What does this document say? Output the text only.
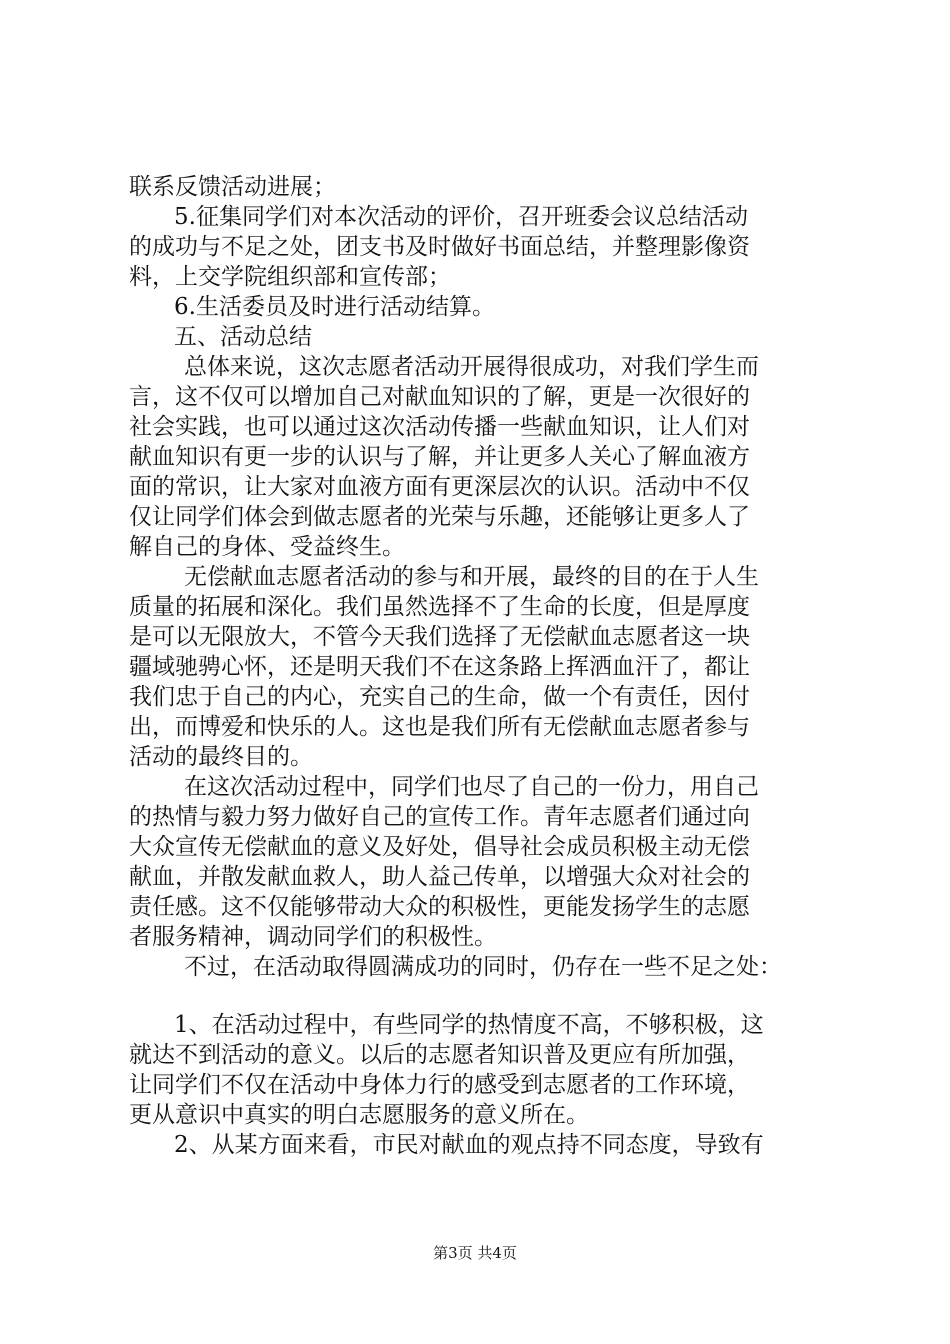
联系反馈活动进展；
5.征集同学们对本次活动的评价，召开班委会议总结活动
的成功与不足之处，团支书及时做好书面总结，并整理影像资
料，上交学院组织部和宣传部；
6.生活委员及时进行活动结算。
五、活动总结
总体来说，这次志愿者活动开展得很成功，对我们学生而
言，这不仅可以增加自己对献血知识的了解，更是一次很好的
社会实践，也可以通过这次活动传播一些献血知识，让人们对
献血知识有更一步的认识与了解，并让更多人关心了解血液方
面的常识，让大家对血液方面有更深层次的认识。活动中不仅
仅让同学们体会到做志愿者的光荣与乐趣，还能够让更多人了
解自己的身体、受益终生。
无偿献血志愿者活动的参与和开展，最终的目的在于人生
质量的拓展和深化。我们虽然选择不了生命的长度，但是厚度
是可以无限放大，不管今天我们选择了无偿献血志愿者这一块
疆域驰骋心怀，还是明天我们不在这条路上挥洒血汗了，都让
我们忠于自己的内心，充实自己的生命，做一个有责任，因付
出，而博爱和快乐的人。这也是我们所有无偿献血志愿者参与
活动的最终目的。
在这次活动过程中，同学们也尽了自己的一份力，用自己
的热情与毅力努力做好自己的宣传工作。青年志愿者们通过向
大众宣传无偿献血的意义及好处，倡导社会成员积极主动无偿
献血，并散发献血救人，助人益己传单，以增强大众对社会的
责任感。这不仅能够带动大众的积极性，更能发扬学生的志愿
者服务精神，调动同学们的积极性。
不过，在活动取得圆满成功的同时，仍存在一些不足之处：
1、在活动过程中，有些同学的热情度不高，不够积极，这
就达不到活动的意义。以后的志愿者知识普及更应有所加强，
让同学们不仅在活动中身体力行的感受到志愿者的工作环境，
更从意识中真实的明白志愿服务的意义所在。
2、从某方面来看，市民对献血的观点持不同态度，导致有
第3页 共4页
